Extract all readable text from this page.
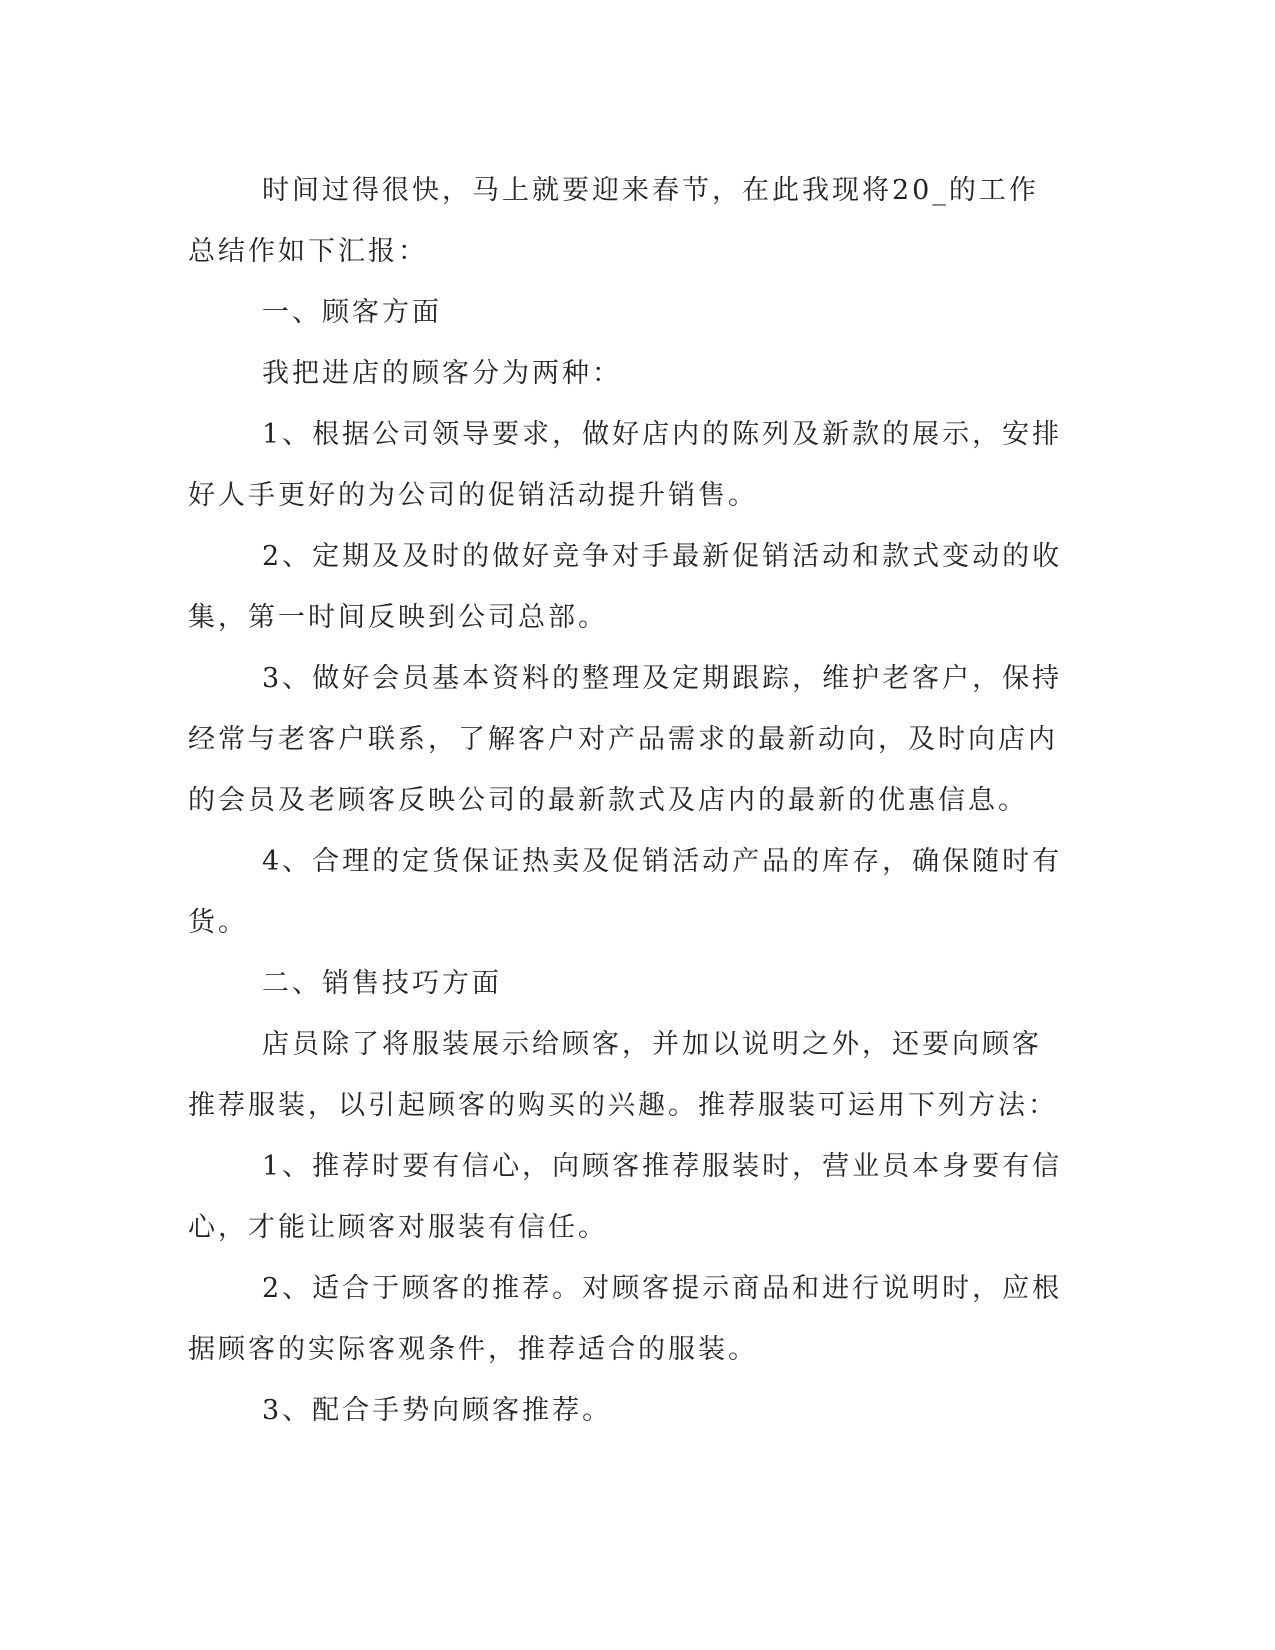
时间过得很快，马上就要迎来春节，在此我现将20_的工作总结作如下汇报：

一、顾客方面

我把进店的顾客分为两种：

1、根据公司领导要求，做好店内的陈列及新款的展示，安排好人手更好的为公司的促销活动提升销售。

2、定期及及时的做好竞争对手最新促销活动和款式变动的收集，第一时间反映到公司总部。

3、做好会员基本资料的整理及定期跟踪，维护老客户，保持经常与老客户联系，了解客户对产品需求的最新动向，及时向店内的会员及老顾客反映公司的最新款式及店内的最新的优惠信息。

4、合理的定货保证热卖及促销活动产品的库存，确保随时有货。

二、销售技巧方面

店员除了将服装展示给顾客，并加以说明之外，还要向顾客推荐服装，以引起顾客的购买的兴趣。推荐服装可运用下列方法：

1、推荐时要有信心，向顾客推荐服装时，营业员本身要有信心，才能让顾客对服装有信任。

2、适合于顾客的推荐。对顾客提示商品和进行说明时，应根据顾客的实际客观条件，推荐适合的服装。

3、配合手势向顾客推荐。
